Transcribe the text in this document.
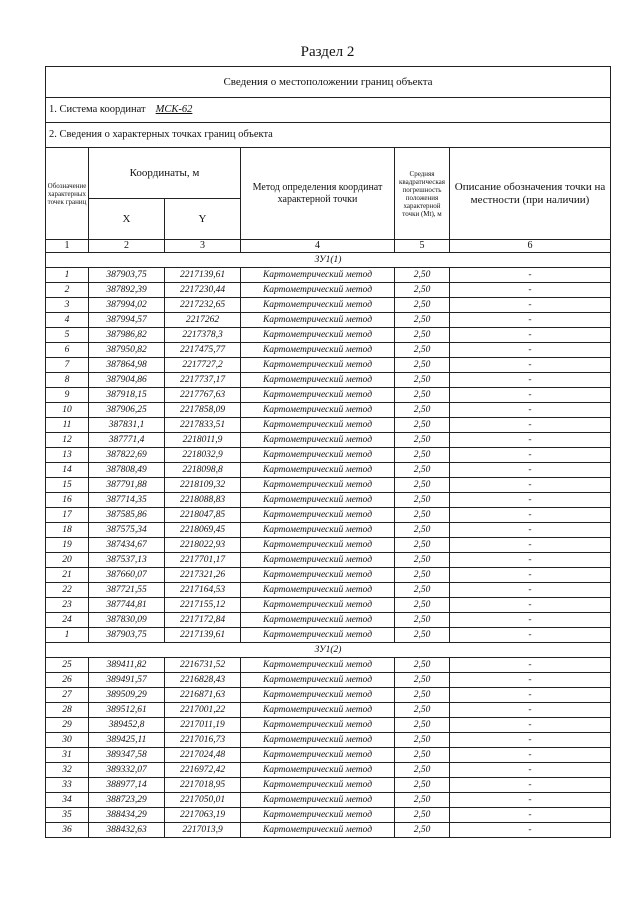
Раздел 2
Сведения о местоположении границ объекта					
1. Система координат МСК-62					
2. Сведения о характерных точках границ объекта					
Обозначение характерных точек границ	Координаты, м		Метод определения координат характерной точки	Средняя квадратическая погрешность положения характерной точки (Mt), м	Описание обозначения точки на местности (при наличии)
	X	Y			
1	2	3	4	5	6
ЗУ1(1)					
1	387903,75	2217139,61	Картометрический метод	2,50	-
2	387892,39	2217230,44	Картометрический метод	2,50	-
3	387994,02	2217232,65	Картометрический метод	2,50	-
4	387994,57	2217262	Картометрический метод	2,50	-
5	387986,82	2217378,3	Картометрический метод	2,50	-
6	387950,82	2217475,77	Картометрический метод	2,50	-
7	387864,98	2217727,2	Картометрический метод	2,50	-
8	387904,86	2217737,17	Картометрический метод	2,50	-
9	387918,15	2217767,63	Картометрический метод	2,50	-
10	387906,25	2217858,09	Картометрический метод	2,50	-
11	387831,1	2217833,51	Картометрический метод	2,50	-
12	387771,4	2218011,9	Картометрический метод	2,50	-
13	387822,69	2218032,9	Картометрический метод	2,50	-
14	387808,49	2218098,8	Картометрический метод	2,50	-
15	387791,88	2218109,32	Картометрический метод	2,50	-
16	387714,35	2218088,83	Картометрический метод	2,50	-
17	387585,86	2218047,85	Картометрический метод	2,50	-
18	387575,34	2218069,45	Картометрический метод	2,50	-
19	387434,67	2218022,93	Картометрический метод	2,50	-
20	387537,13	2217701,17	Картометрический метод	2,50	-
21	387660,07	2217321,26	Картометрический метод	2,50	-
22	387721,55	2217164,53	Картометрический метод	2,50	-
23	387744,81	2217155,12	Картометрический метод	2,50	-
24	387830,09	2217172,84	Картометрический метод	2,50	-
1	387903,75	2217139,61	Картометрический метод	2,50	-
ЗУ1(2)					
25	389411,82	2216731,52	Картометрический метод	2,50	-
26	389491,57	2216828,43	Картометрический метод	2,50	-
27	389509,29	2216871,63	Картометрический метод	2,50	-
28	389512,61	2217001,22	Картометрический метод	2,50	-
29	389452,8	2217011,19	Картометрический метод	2,50	-
30	389425,11	2217016,73	Картометрический метод	2,50	-
31	389347,58	2217024,48	Картометрический метод	2,50	-
32	389332,07	2216972,42	Картометрический метод	2,50	-
33	388977,14	2217018,95	Картометрический метод	2,50	-
34	388723,29	2217050,01	Картометрический метод	2,50	-
35	388434,29	2217063,19	Картометрический метод	2,50	-
36	388432,63	2217013,9	Картометрический метод	2,50	-
